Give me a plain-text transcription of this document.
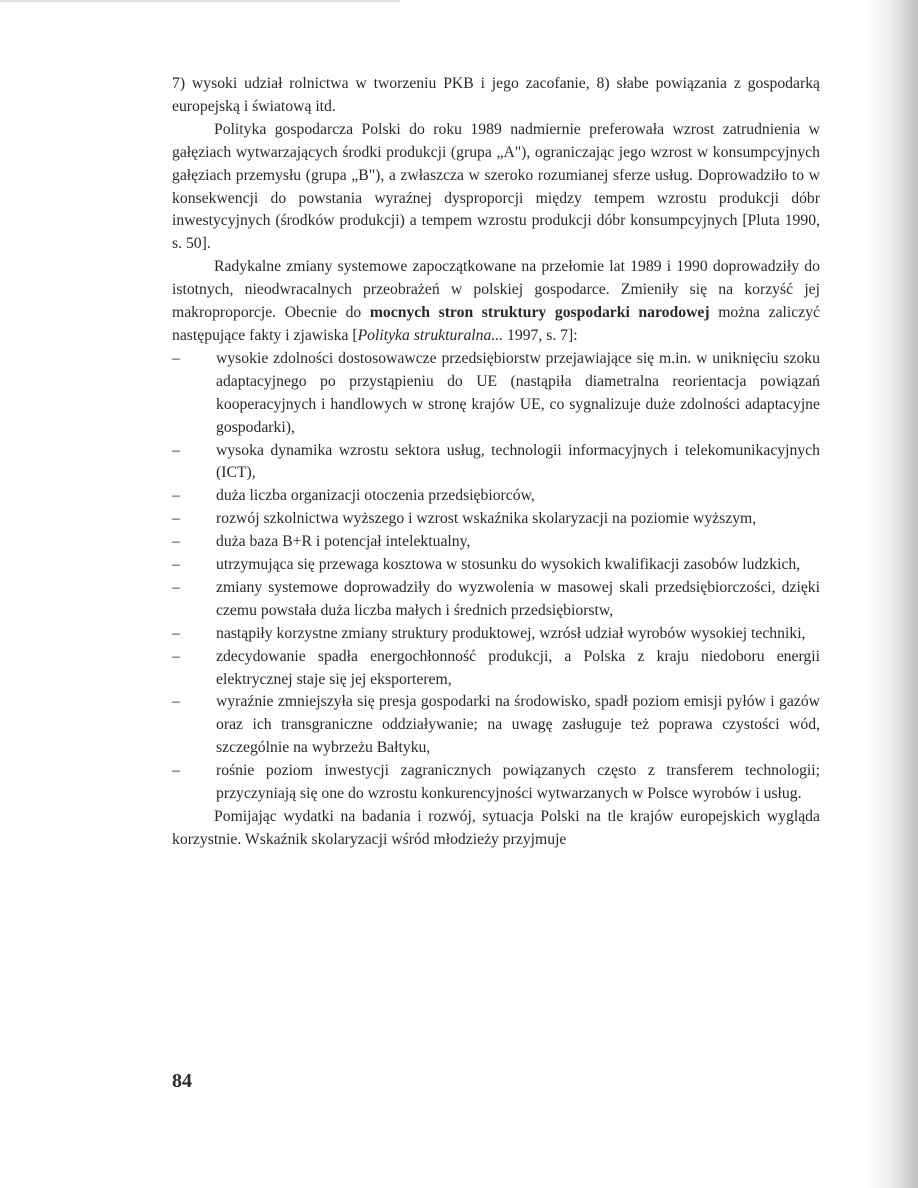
7) wysoki udział rolnictwa w tworzeniu PKB i jego zacofanie, 8) słabe powiązania z gospodarką europejską i światową itd.

Polityka gospodarcza Polski do roku 1989 nadmiernie preferowała wzrost zatrudnienia w gałęziach wytwarzających środki produkcji (grupa „A"), ograniczając jego wzrost w konsumpcyjnych gałęziach przemysłu (grupa „B"), a zwłaszcza w szeroko rozumianej sferze usług. Doprowadziło to w konsekwencji do powstania wyraźnej dysproporcji między tempem wzrostu produkcji dóbr inwestycyjnych (środków produkcji) a tempem wzrostu produkcji dóbr konsumpcyjnych [Pluta 1990, s. 50].

Radykalne zmiany systemowe zapoczątkowane na przełomie lat 1989 i 1990 doprowadziły do istotnych, nieodwracalnych przeobrażeń w polskiej gospodarce. Zmieniły się na korzyść jej makroproporcje. Obecnie do mocnych stron struktury gospodarki narodowej można zaliczyć następujące fakty i zjawiska [Polityka strukturalna... 1997, s. 7]:

– wysokie zdolności dostosowawcze przedsiębiorstw przejawiające się m.in. w uniknięciu szoku adaptacyjnego po przystąpieniu do UE (nastąpiła diametralna reorientacja powiązań kooperacyjnych i handlowych w stronę krajów UE, co sygnalizuje duże zdolności adaptacyjne gospodarki),
– wysoka dynamika wzrostu sektora usług, technologii informacyjnych i telekomunikacyjnych (ICT),
– duża liczba organizacji otoczenia przedsiębiorców,
– rozwój szkolnictwa wyższego i wzrost wskaźnika skolaryzacji na poziomie wyższym,
– duża baza B+R i potencjał intelektualny,
– utrzymująca się przewaga kosztowa w stosunku do wysokich kwalifikacji zasobów ludzkich,
– zmiany systemowe doprowadziły do wyzwolenia w masowej skali przedsiębiorczości, dzięki czemu powstała duża liczba małych i średnich przedsiębiorstw,
– nastąpiły korzystne zmiany struktury produktowej, wzrósł udział wyrobów wysokiej techniki,
– zdecydowanie spadła energochłonność produkcji, a Polska z kraju niedoboru energii elektrycznej staje się jej eksporterem,
– wyraźnie zmniejszyła się presja gospodarki na środowisko, spadł poziom emisji pyłów i gazów oraz ich transgraniczne oddziaływanie; na uwagę zasługuje też poprawa czystości wód, szczególnie na wybrzeżu Bałtyku,
– rośnie poziom inwestycji zagranicznych powiązanych często z transferem technologii; przyczyniają się one do wzrostu konkurencyjności wytwarzanych w Polsce wyrobów i usług.

Pomijając wydatki na badania i rozwój, sytuacja Polski na tle krajów europejskich wygląda korzystnie. Wskaźnik skolaryzacji wśród młodzieży przyjmuje

84
